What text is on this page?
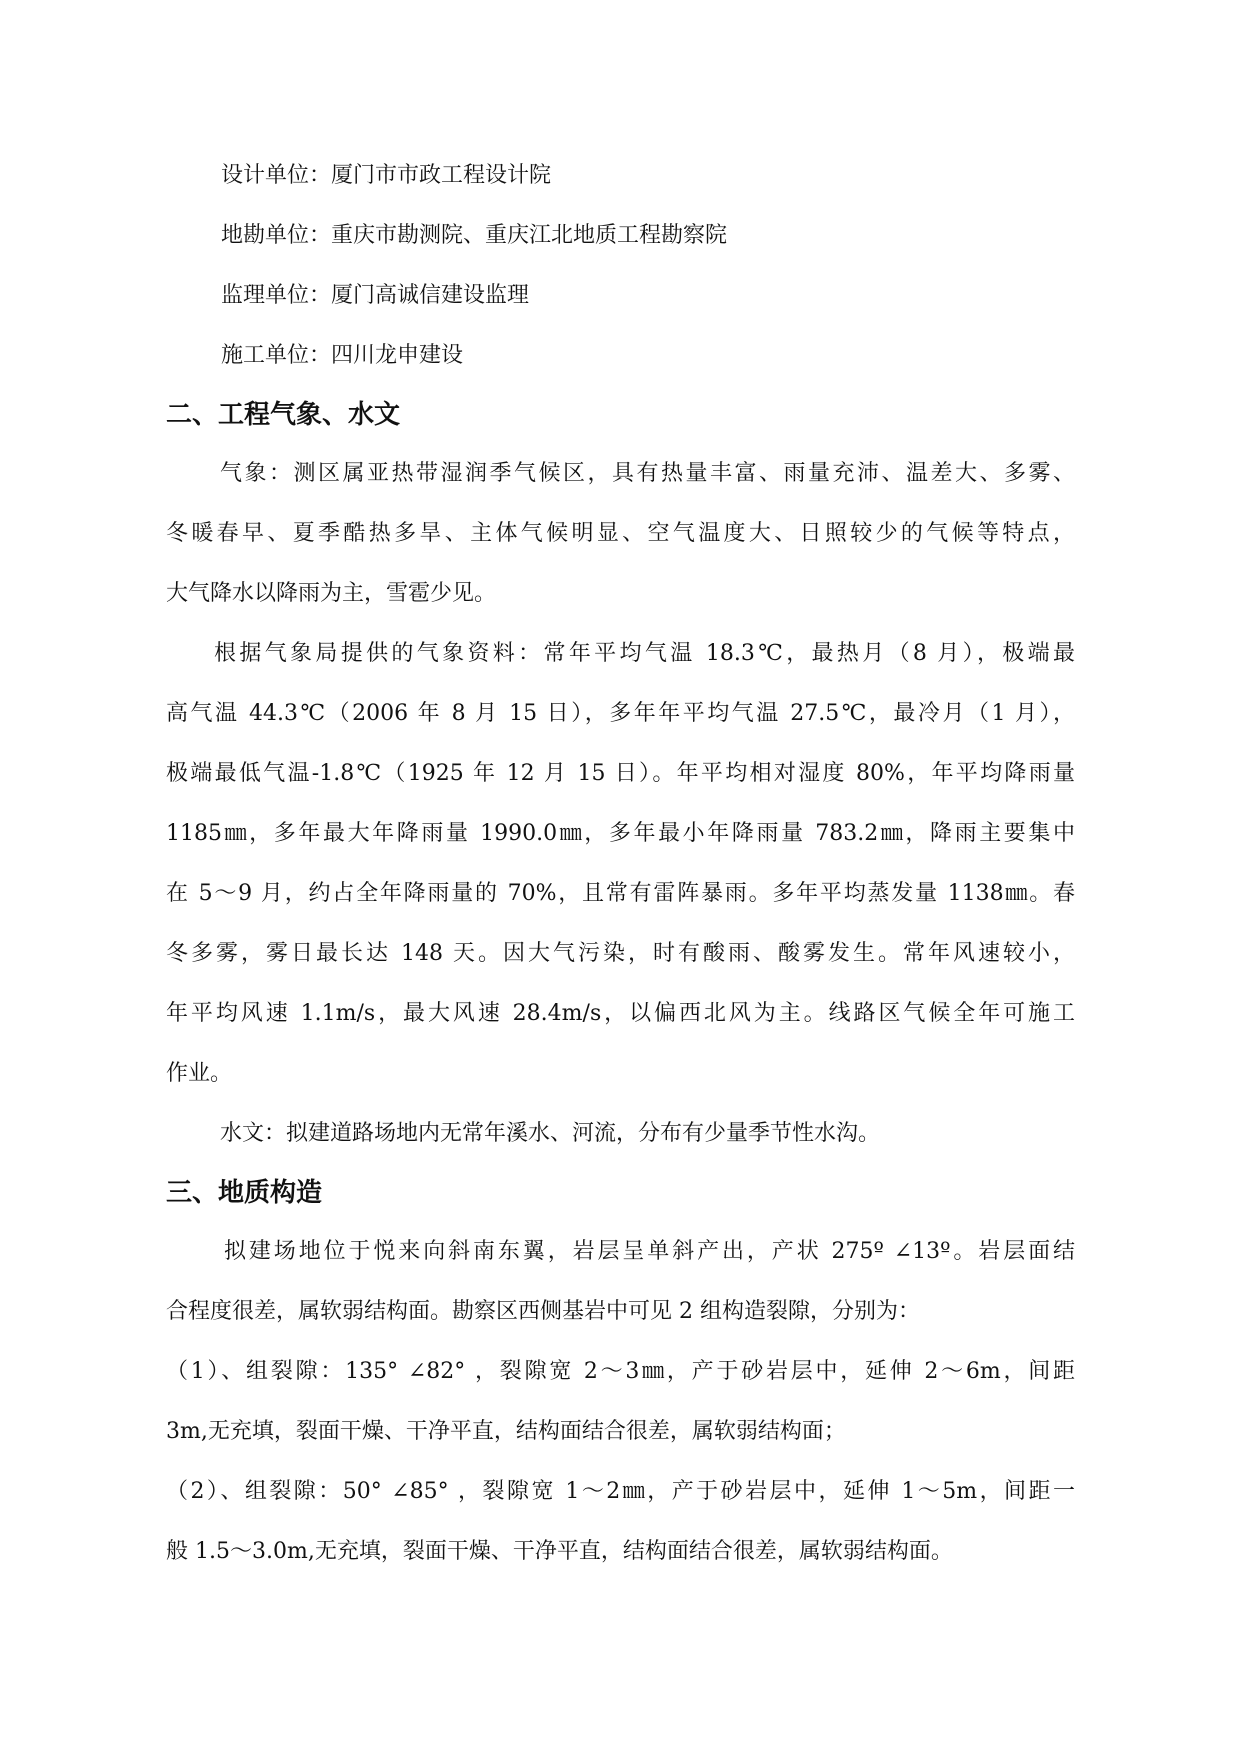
设计单位：厦门市市政工程设计院

地勘单位：重庆市勘测院、重庆江北地质工程勘察院

监理单位：厦门高诚信建设监理

施工单位：四川龙申建设

二、工程气象、水文

气象：测区属亚热带湿润季气候区，具有热量丰富、雨量充沛、温差大、多雾、

冬暖春早、夏季酷热多旱、主体气候明显、空气温度大、日照较少的气候等特点，

大气降水以降雨为主，雪雹少见。

根据气象局提供的气象资料：常年平均气温 18.3℃，最热月（8 月），极端最

高气温 44.3℃（2006 年 8 月 15 日），多年年平均气温 27.5℃，最冷月（1 月），

极端最低气温-1.8℃（1925 年 12 月 15 日）。年平均相对湿度 80%，年平均降雨量

1185㎜，多年最大年降雨量 1990.0㎜，多年最小年降雨量 783.2㎜，降雨主要集中

在 5～9 月，约占全年降雨量的 70%，且常有雷阵暴雨。多年平均蒸发量 1138㎜。春

冬多雾，雾日最长达 148 天。因大气污染，时有酸雨、酸雾发生。常年风速较小，

年平均风速 1.1m/s，最大风速 28.4m/s，以偏西北风为主。线路区气候全年可施工

作业。

水文：拟建道路场地内无常年溪水、河流，分布有少量季节性水沟。

三、地质构造

拟建场地位于悦来向斜南东翼，岩层呈单斜产出，产状 275º ∠13º。岩层面结

合程度很差，属软弱结构面。勘察区西侧基岩中可见 2 组构造裂隙，分别为：

（1）、组裂隙：135° ∠82° ，裂隙宽 2～3㎜，产于砂岩层中，延伸 2～6m，间距

3m,无充填，裂面干燥、干净平直，结构面结合很差，属软弱结构面；

（2）、组裂隙：50° ∠85° ，裂隙宽 1～2㎜，产于砂岩层中，延伸 1～5m，间距一

般 1.5～3.0m,无充填，裂面干燥、干净平直，结构面结合很差，属软弱结构面。
